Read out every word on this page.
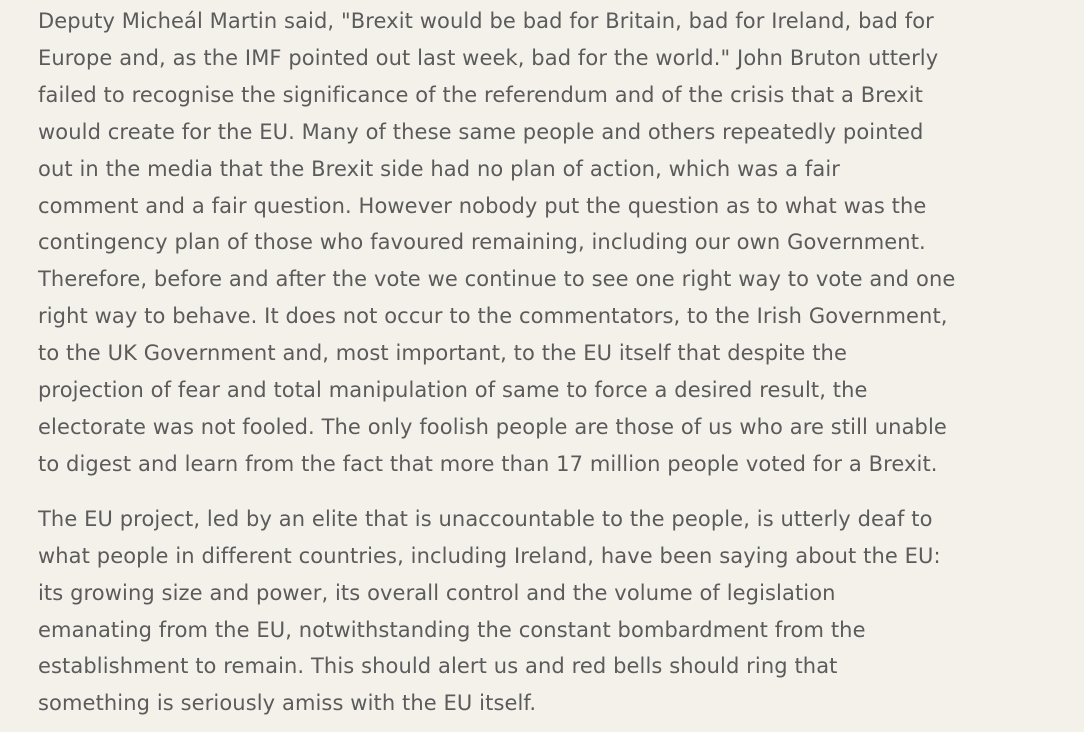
Deputy Micheál Martin said, "Brexit would be bad for Britain, bad for Ireland, bad for
Europe and, as the IMF pointed out last week, bad for the world." John Bruton utterly
failed to recognise the significance of the referendum and of the crisis that a Brexit
would create for the EU. Many of these same people and others repeatedly pointed
out in the media that the Brexit side had no plan of action, which was a fair
comment and a fair question. However nobody put the question as to what was the
contingency plan of those who favoured remaining, including our own Government.
Therefore, before and after the vote we continue to see one right way to vote and one
right way to behave. It does not occur to the commentators, to the Irish Government,
to the UK Government and, most important, to the EU itself that despite the
projection of fear and total manipulation of same to force a desired result, the
electorate was not fooled. The only foolish people are those of us who are still unable
to digest and learn from the fact that more than 17 million people voted for a Brexit.

The EU project, led by an elite that is unaccountable to the people, is utterly deaf to
what people in different countries, including Ireland, have been saying about the EU:
its growing size and power, its overall control and the volume of legislation
emanating from the EU, notwithstanding the constant bombardment from the
establishment to remain. This should alert us and red bells should ring that
something is seriously amiss with the EU itself.
